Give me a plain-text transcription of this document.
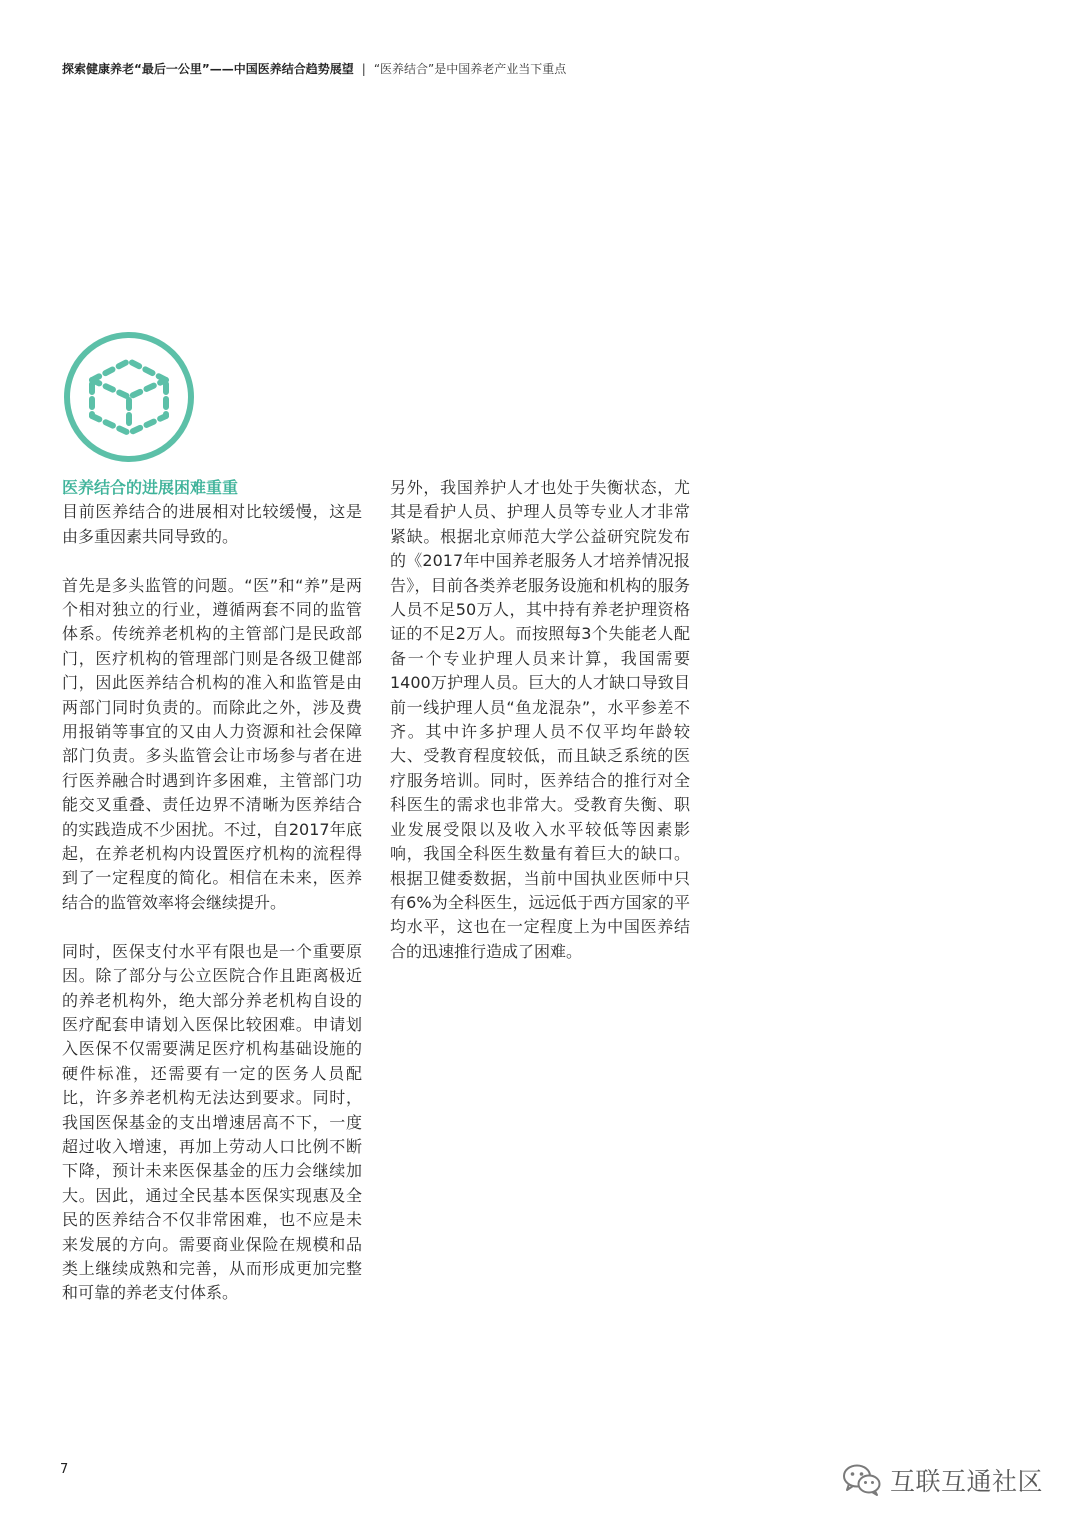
探索健康养老“最后一公里”——中国医养结合趋势展望 | “医养结合”是中国养老产业当下重点
医养结合的进展困难重重

目前医养结合的进展相对比较缓慢，这是由多重因素共同导致的。

首先是多头监管的问题。“医”和“养”是两个相对独立的行业，遵循两套不同的监管体系。传统养老机构的主管部门是民政部门，医疗机构的管理部门则是各级卫健部门，因此医养结合机构的准入和监管是由两部门同时负责的。而除此之外，涉及费用报销等事宜的又由人力资源和社会保障部门负责。多头监管会让市场参与者在进行医养融合时遇到许多困难，主管部门功能交叉重叠、责任边界不清晰为医养结合的实践造成不少困扰。不过，自2017年底起，在养老机构内设置医疗机构的流程得到了一定程度的简化。相信在未来，医养结合的监管效率将会继续提升。

同时，医保支付水平有限也是一个重要原因。除了部分与公立医院合作且距离极近的养老机构外，绝大部分养老机构自设的医疗配套申请划入医保比较困难。申请划入医保不仅需要满足医疗机构基础设施的硬件标准，还需要有一定的医务人员配比，许多养老机构无法达到要求。同时，我国医保基金的支出增速居高不下，一度超过收入增速，再加上劳动人口比例不断下降，预计未来医保基金的压力会继续加大。因此，通过全民基本医保实现惠及全民的医养结合不仅非常困难，也不应是未来发展的方向。需要商业保险在规模和品类上继续成熟和完善，从而形成更加完整和可靠的养老支付体系。

另外，我国养护人才也处于失衡状态，尤其是看护人员、护理人员等专业人才非常紧缺。根据北京师范大学公益研究院发布的《2017年中国养老服务人才培养情况报告》，目前各类养老服务设施和机构的服务人员不足50万人，其中持有养老护理资格证的不足2万人。而按照每3个失能老人配备一个专业护理人员来计算，我国需要1400万护理人员。巨大的人才缺口导致目前一线护理人员“鱼龙混杂”，水平参差不齐。其中许多护理人员不仅平均年龄较大、受教育程度较低，而且缺乏系统的医疗服务培训。同时，医养结合的推行对全科医生的需求也非常大。受教育失衡、职业发展受限以及收入水平较低等因素影响，我国全科医生数量有着巨大的缺口。根据卫健委数据，当前中国执业医师中只有6%为全科医生，远远低于西方国家的平均水平，这也在一定程度上为中国医养结合的迅速推行造成了困难。

7	互联互通社区
